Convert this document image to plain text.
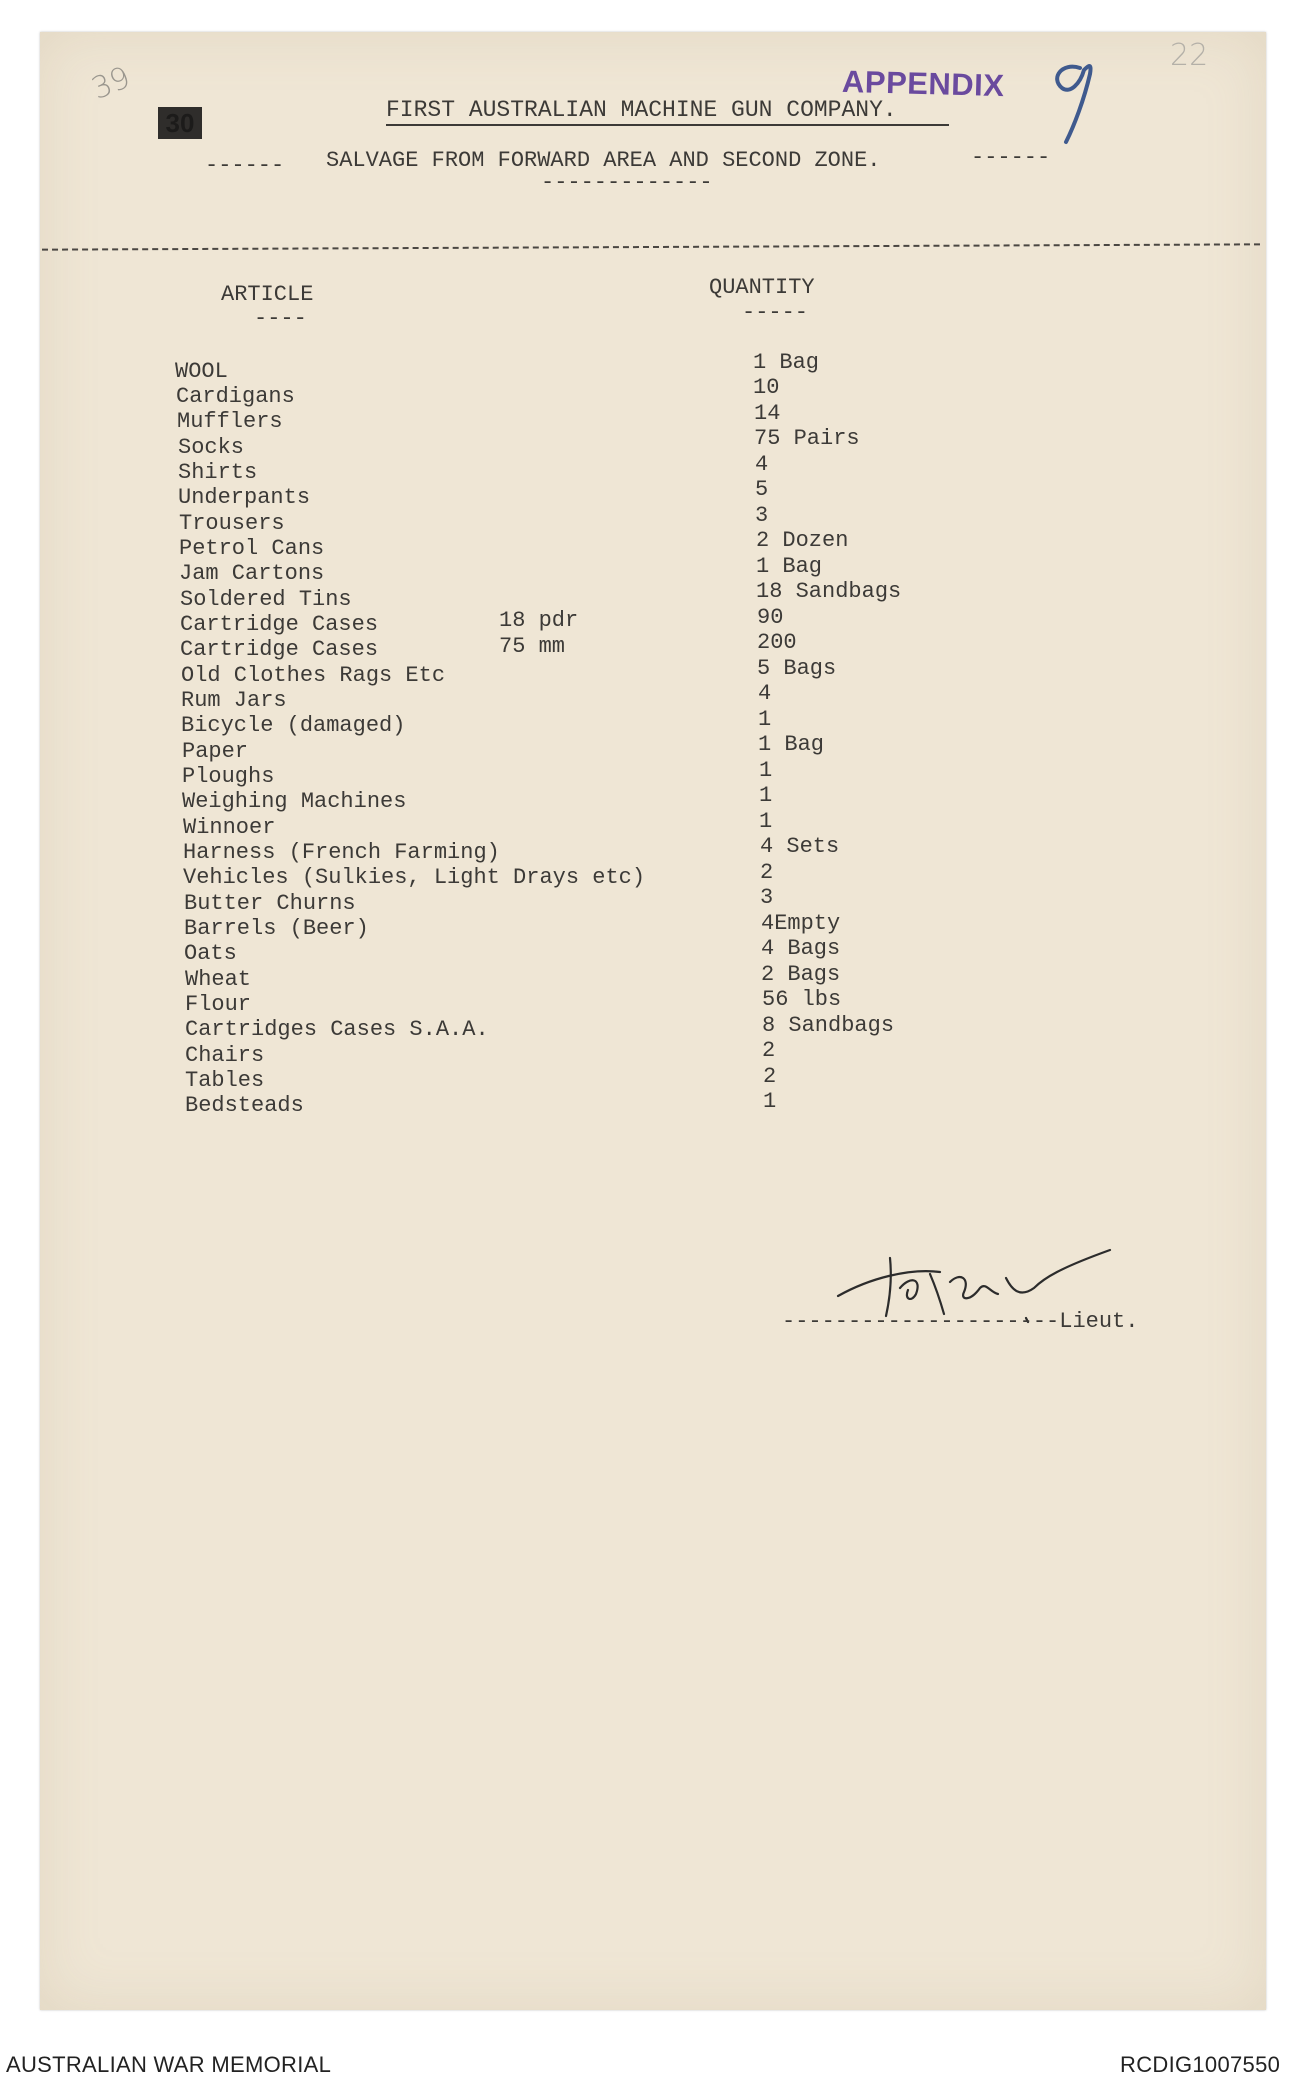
39
30
22
APPENDIX
FIRST AUSTRALIAN MACHINE GUN COMPANY.
------ SALVAGE FROM FORWARD AREA AND SECOND ZONE.	------
-------------
ARTICLE
----
QUANTITY
-----
WOOL	1 Bag
Cardigans	10
Mufflers	14
Socks	75 Pairs
Shirts	4
Underpants	5
Trousers	3
Petrol Cans	2 Dozen
Jam Cartons	1 Bag
Soldered Tins	18 Sandbags
Cartridge Cases	18 pdr	90
Cartridge Cases	75 mm	200
Old Clothes Rags Etc	5 Bags
Rum Jars	4
Bicycle (damaged)	1
Paper	1 Bag
Ploughs	1
Weighing Machines	1
Winnoer	1
Harness (French Farming)	4 Sets
Vehicles (Sulkies, Light Drays etc)	2
Butter Churns	3
Barrels (Beer)	4Empty
Oats	4 Bags
Wheat	2 Bags
Flour	56 lbs
Cartridges Cases S.A.A.	8 Sandbags
Chairs	2
Tables	2
Bedsteads	1
---------------------Lieut.
AUSTRALIAN WAR MEMORIAL	RCDIG1007550
